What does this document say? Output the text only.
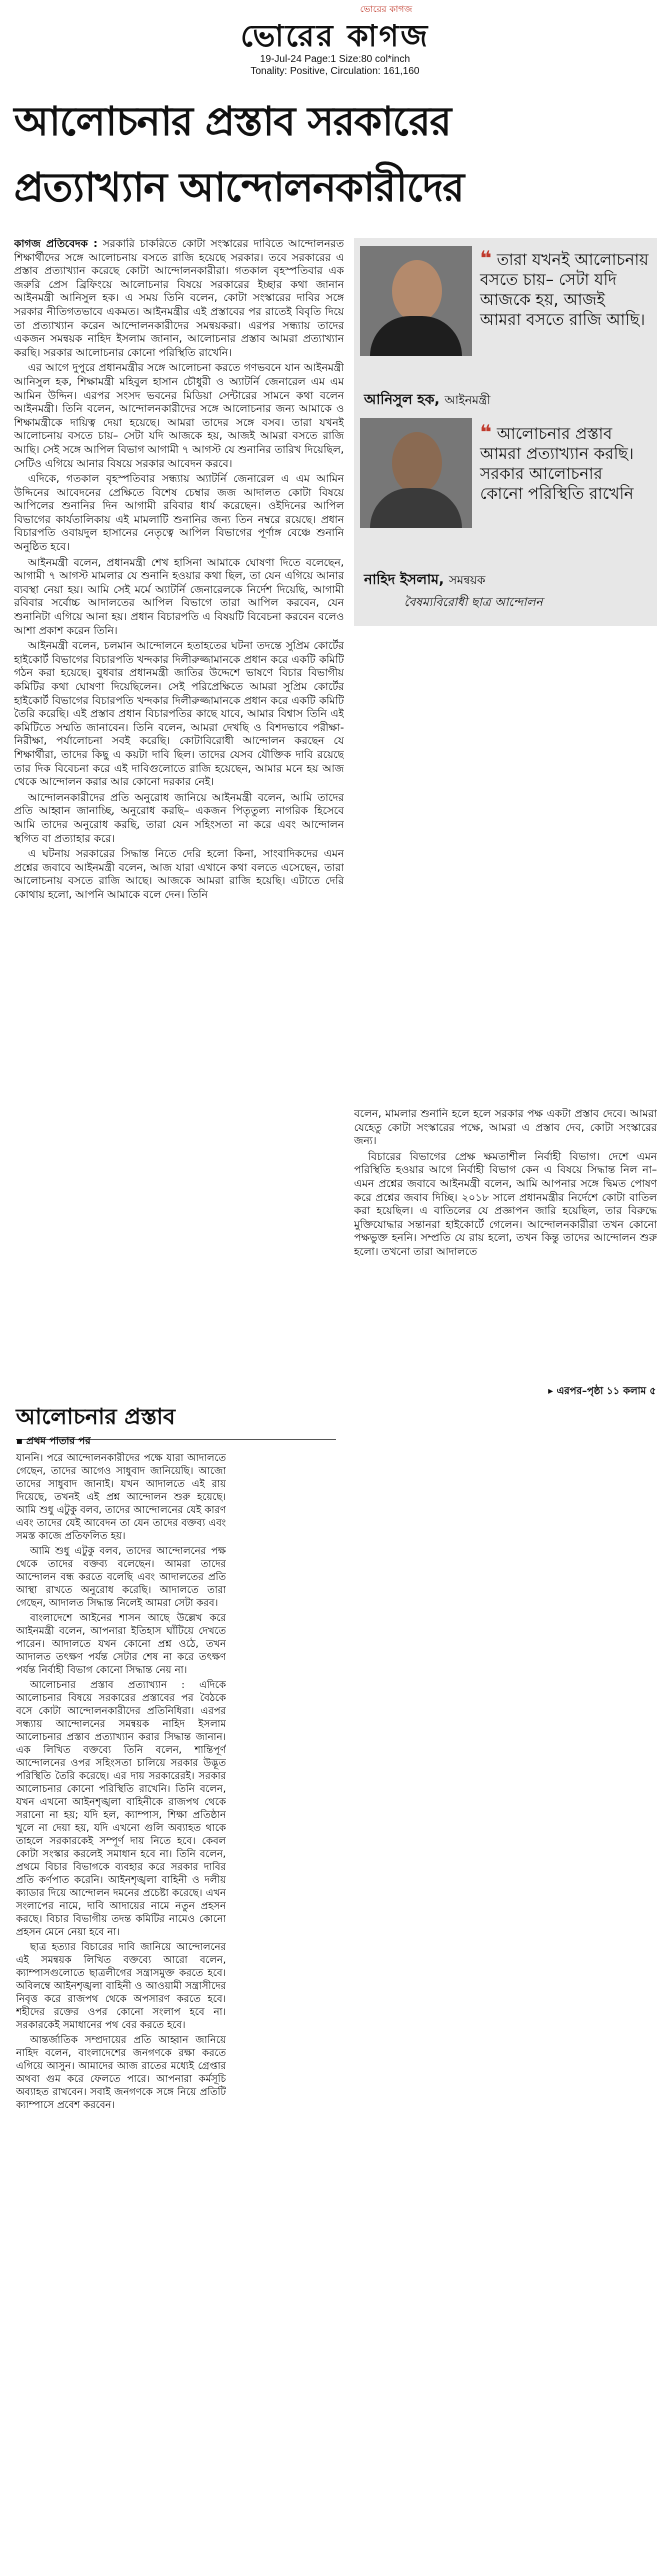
ভোরের কাগজ
ভোরের কাগজ
19-Jul-24 Page:1 Size:80 col*inch
Tonality: Positive, Circulation: 161,160
আলোচনার প্রস্তাব সরকারের
প্রত্যাখ্যান আন্দোলনকারীদের

কাগজ প্রতিবেদক : সরকারি চাকরিতে কোটা সংস্কারের দাবিতে আন্দোলনরত শিক্ষার্থীদের সঙ্গে আলোচনায় বসতে রাজি হয়েছে সরকার। তবে সরকারের এ প্রস্তাব প্রত্যাখ্যান করেছে কোটা আন্দোলনকারীরা। গতকাল বৃহস্পতিবার এক জরুরি প্রেস ব্রিফিংয়ে আলোচনার বিষয়ে সরকারের ইচ্ছার কথা জানান আইনমন্ত্রী আনিসুল হক। এ সময় তিনি বলেন, কোটা সংস্কারের দাবির সঙ্গে সরকার নীতিগতভাবে একমত। আইনমন্ত্রীর এই প্রস্তাবের পর রাতেই বিবৃতি দিয়ে তা প্রত্যাখ্যান করেন আন্দোলনকারীদের সমন্বয়করা। এরপর সন্ধ্যায় তাদের একজন সমন্বয়ক নাহিদ ইসলাম জানান, আলোচনার প্রস্তাব আমরা প্রত্যাখ্যান করছি। সরকার আলোচনার কোনো পরিস্থিতি রাখেনি।

এর আগে দুপুরে প্রধানমন্ত্রীর সঙ্গে আলোচনা করতে গণভবনে যান আইনমন্ত্রী আনিসুল হক, শিক্ষামন্ত্রী মহিবুল হাসান চৌধুরী ও অ্যাটর্নি জেনারেল এম এম আমিন উদ্দিন। এরপর সংসদ ভবনের মিডিয়া সেন্টারের সামনে কথা বলেন আইনমন্ত্রী। তিনি বলেন, আন্দোলনকারীদের সঙ্গে আলোচনার জন্য আমাকে ও শিক্ষামন্ত্রীকে দায়িত্ব দেয়া হয়েছে। আমরা তাদের সঙ্গে বসব। তারা যখনই আলোচনায় বসতে চায়– সেটা যদি আজকে হয়, আজই আমরা বসতে রাজি আছি। সেই সঙ্গে আপিল বিভাগ আগামী ৭ আগস্ট যে শুনানির তারিখ দিয়েছিল, সেটিও এগিয়ে আনার বিষয়ে সরকার আবেদন করবে।

এদিকে, গতকাল বৃহস্পতিবার সন্ধ্যায় অ্যাটর্নি জেনারেল এ এম আমিন উদ্দিনের আবেদনের প্রেক্ষিতে বিশেষ চেম্বার জজ আদালত কোটা বিষয়ে আপিলের শুনানির দিন আগামী রবিবার ধার্য করেছেন। ওইদিনের আপিল বিভাগের কার্যতালিকায় এই মামলাটি শুনানির জন্য তিন নম্বরে রয়েছে। প্রধান বিচারপতি ওবায়দুল হাসানের নেতৃত্বে আপিল বিভাগের পূর্ণাঙ্গ বেঞ্চে শুনানি অনুষ্ঠিত হবে।

আইনমন্ত্রী বলেন, প্রধানমন্ত্রী শেখ হাসিনা আমাকে ঘোষণা দিতে বলেছেন, আগামী ৭ আগস্ট মামলার যে শুনানি হওয়ার কথা ছিল, তা যেন এগিয়ে আনার ব্যবস্থা নেয়া হয়। আমি সেই মর্মে অ্যাটর্নি জেনারেলকে নির্দেশ দিয়েছি, আগামী রবিবার সর্বোচ্চ আদালতের আপিল বিভাগে তারা আপিল করবেন, যেন শুনানিটা এগিয়ে আনা হয়। প্রধান বিচারপতি এ বিষয়টি বিবেচনা করবেন বলেও আশা প্রকাশ করেন তিনি।

আইনমন্ত্রী বলেন, চলমান আন্দোলনে হতাহতের ঘটনা তদন্তে সুপ্রিম কোর্টের হাইকোর্ট বিভাগের বিচারপতি খন্দকার দিলীরুজ্জামানকে প্রধান করে একটি কমিটি গঠন করা হয়েছে। বুধবার প্রধানমন্ত্রী জাতির উদ্দেশে ভাষণে বিচার বিভাগীয় কমিটির কথা ঘোষণা দিয়েছিলেন। সেই পরিপ্রেক্ষিতে আমরা সুপ্রিম কোর্টের হাইকোর্ট বিভাগের বিচারপতি খন্দকার দিলীরুজ্জামানকে প্রধান করে একটি কমিটি তৈরি করেছি। এই প্রস্তাব প্রধান বিচারপতির কাছে যাবে, আমার বিশ্বাস তিনি এই কমিটিতে সম্মতি জানাবেন। তিনি বলেন, আমরা দেখছি ও বিশদভাবে পরীক্ষা-নিরীক্ষা, পর্যালোচনা সবই করেছি। কোটাবিরোধী আন্দোলন করছেন যে শিক্ষার্থীরা, তাদের কিছু এ কয়টা দাবি ছিল। তাদের যেসব যৌক্তিক দাবি রয়েছে তার দিক বিবেচনা করে এই দাবিগুলোতে রাজি হয়েছেন, আমার মনে হয় আজ থেকে আন্দোলন করার আর কোনো দরকার নেই।

আন্দোলনকারীদের প্রতি অনুরোধ জানিয়ে আইনমন্ত্রী বলেন, আমি তাদের প্রতি আহ্বান জানাচ্ছি, অনুরোধ করছি– একজন পিতৃতুল্য নাগরিক হিসেবে আমি তাদের অনুরোধ করছি, তারা যেন সহিংসতা না করে এবং আন্দোলন স্থগিত বা প্রত্যাহার করে।

এ ঘটনায় সরকারের সিদ্ধান্ত নিতে দেরি হলো কিনা, সাংবাদিকদের এমন প্রশ্নের জবাবে আইনমন্ত্রী বলেন, আজ যারা এখানে কথা বলতে এসেছেন, তারা আলোচনায় বসতে রাজি আছে। আজকে আমরা রাজি হয়েছি। এটাতে দেরি কোথায় হলো, আপনি আমাকে বলে দেন। তিনি

❝ তারা যখনই আলোচনায় বসতে চায়– সেটা যদি আজকে হয়, আজই আমরা বসতে রাজি আছি।
আনিসুল হক, আইনমন্ত্রী
❝ আলোচনার প্রস্তাব আমরা প্রত্যাখ্যান করছি। সরকার আলোচনার কোনো পরিস্থিতি রাখেনি
নাহিদ ইসলাম, সমন্বয়ক
বৈষম্যবিরোধী ছাত্র আন্দোলন

বলেন, মামলার শুনানি হলে হলে সরকার পক্ষ একটা প্রস্তাব দেবে। আমরা যেহেতু কোটা সংস্কারের পক্ষে, আমরা এ প্রস্তাব দেব, কোটা সংস্কারের জন্য।

বিচারের বিভাগের প্রেক্ষ ক্ষমতাশীল নির্বাহী বিভাগ। দেশে এমন পরিস্থিতি হওয়ার আগে নির্বাহী বিভাগ কেন এ বিষয়ে সিদ্ধান্ত নিল না– এমন প্রশ্নের জবাবে আইনমন্ত্রী বলেন, আমি আপনার সঙ্গে দ্বিমত পোষণ করে প্রশ্নের জবাব দিচ্ছি। ২০১৮ সালে প্রধানমন্ত্রীর নির্দেশে কোটা বাতিল করা হয়েছিল। এ বাতিলের যে প্রজ্ঞাপন জারি হয়েছিল, তার বিরুদ্ধে মুক্তিযোদ্ধার সন্তানরা হাইকোর্টে গেলেন। আন্দোলনকারীরা তখন কোনো পক্ষভুক্ত হননি। সম্প্রতি যে রায় হলো, তখন কিন্তু তাদের আন্দোলন শুরু হলো। তখনো তারা আদালতে

▸ এরপর–পৃষ্ঠা ১১ কলাম ৫
আলোচনার প্রস্তাব
▪ প্রথম পাতার পর

যাননি। পরে আন্দোলনকারীদের পক্ষে যারা আদালতে গেছেন, তাদের আগেও সাধুবাদ জানিয়েছি। আজো তাদের সাধুবাদ জানাই। যখন আদালতে এই রায় দিয়েছে, তখনই এই প্রশ্ন আন্দোলন শুরু হয়েছে। আমি শুধু এটুকু বলব, তাদের আন্দোলনের যেই কারণ এবং তাদের যেই আবেদন তা যেন তাদের বক্তব্য এবং সমস্ত কাজে প্রতিফলিত হয়।

আমি শুধু এটুকু বলব, তাদের আন্দোলনের পক্ষ থেকে তাদের বক্তব্য বলেছেন। আমরা তাদের আন্দোলন বন্ধ করতে বলেছি এবং আদালতের প্রতি আস্থা রাখতে অনুরোধ করেছি। আদালতে তারা গেছেন, আদালত সিদ্ধান্ত নিলেই আমরা সেটা করব।

বাংলাদেশে আইনের শাসন আছে উল্লেখ করে আইনমন্ত্রী বলেন, আপনারা ইতিহাস ঘাঁটিয়ে দেখতে পারেন। আদালতে যখন কোনো প্রশ্ন ওঠে, তখন আদালত তৎক্ষণ পর্যন্ত সেটার শেষ না করে তৎক্ষণ পর্যন্ত নির্বাহী বিভাগ কোনো সিদ্ধান্ত নেয় না।

আলোচনার প্রস্তাব প্রত্যাখ্যান : এদিকে আলোচনার বিষয়ে সরকারের প্রস্তাবের পর বৈঠকে বসে কোটা আন্দোলনকারীদের প্রতিনিধিরা। এরপর সন্ধ্যায় আন্দোলনের সমন্বয়ক নাহিদ ইসলাম আলোচনার প্রস্তাব প্রত্যাখ্যান করার সিদ্ধান্ত জানান। এক লিখিত বক্তব্যে তিনি বলেন, শান্তিপূর্ণ আন্দোলনের ওপর সহিংসতা চালিয়ে সরকার উদ্ভূত পরিস্থিতি তৈরি করেছে। এর দায় সরকারেরই। সরকার আলোচনার কোনো পরিস্থিতি রাখেনি। তিনি বলেন, যখন এখনো আইনশৃঙ্খলা বাহিনীকে রাজপথ থেকে সরানো না হয়; যদি হল, ক্যাম্পাস, শিক্ষা প্রতিষ্ঠান খুলে না দেয়া হয়, যদি এখনো গুলি অব্যাহত থাকে তাহলে সরকারকেই সম্পূর্ণ দায় নিতে হবে। কেবল কোটা সংস্কার করলেই সমাধান হবে না। তিনি বলেন, প্রথমে বিচার বিভাগকে ব্যবহার করে সরকার দাবির প্রতি কর্ণপাত করেনি। আইনশৃঙ্খলা বাহিনী ও দলীয় ক্যাডার দিয়ে আন্দোলন দমনের প্রচেষ্টা করেছে। এখন সংলাপের নামে, দাবি আদায়ের নামে নতুন প্রহসন করছে। বিচার বিভাগীয় তদন্ত কমিটির নামেও কোনো প্রহসন মেনে নেয়া হবে না।

ছাত্র হত্যার বিচারের দাবি জানিয়ে আন্দোলনের এই সমন্বয়ক লিখিত বক্তব্যে আরো বলেন, ক্যাম্পাসগুলোতে ছাত্রলীগের সন্ত্রাসমুক্ত করতে হবে। অবিলম্বে আইনশৃঙ্খলা বাহিনী ও আওয়ামী সন্ত্রাসীদের নিবৃত্ত করে রাজপথ থেকে অপসারণ করতে হবে। শহীদের রক্তের ওপর কোনো সংলাপ হবে না। সরকারকেই সমাধানের পথ বের করতে হবে।

আন্তর্জাতিক সম্প্রদায়ের প্রতি আহ্বান জানিয়ে নাহিদ বলেন, বাংলাদেশের জনগণকে রক্ষা করতে এগিয়ে আসুন। আমাদের আজ রাতের মধ্যেই গ্রেপ্তার অথবা গুম করে ফেলতে পারে। আপনারা কর্মসূচি অব্যাহত রাখবেন। সবাই জনগণকে সঙ্গে নিয়ে প্রতিটি ক্যাম্পাসে প্রবেশ করবেন।
